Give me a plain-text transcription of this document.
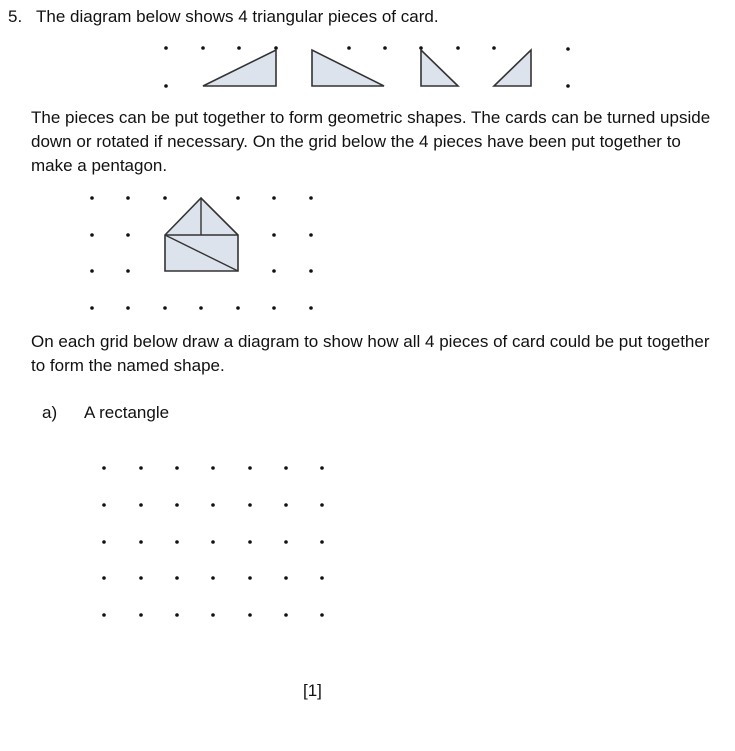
5. The diagram below shows 4 triangular pieces of card.
The pieces can be put together to form geometric shapes. The cards can be turned upside down or rotated if necessary. On the grid below the 4 pieces have been put together to make a pentagon.
On each grid below draw a diagram to show how all 4 pieces of card could be put together to form the named shape.
a) A rectangle
[1]
